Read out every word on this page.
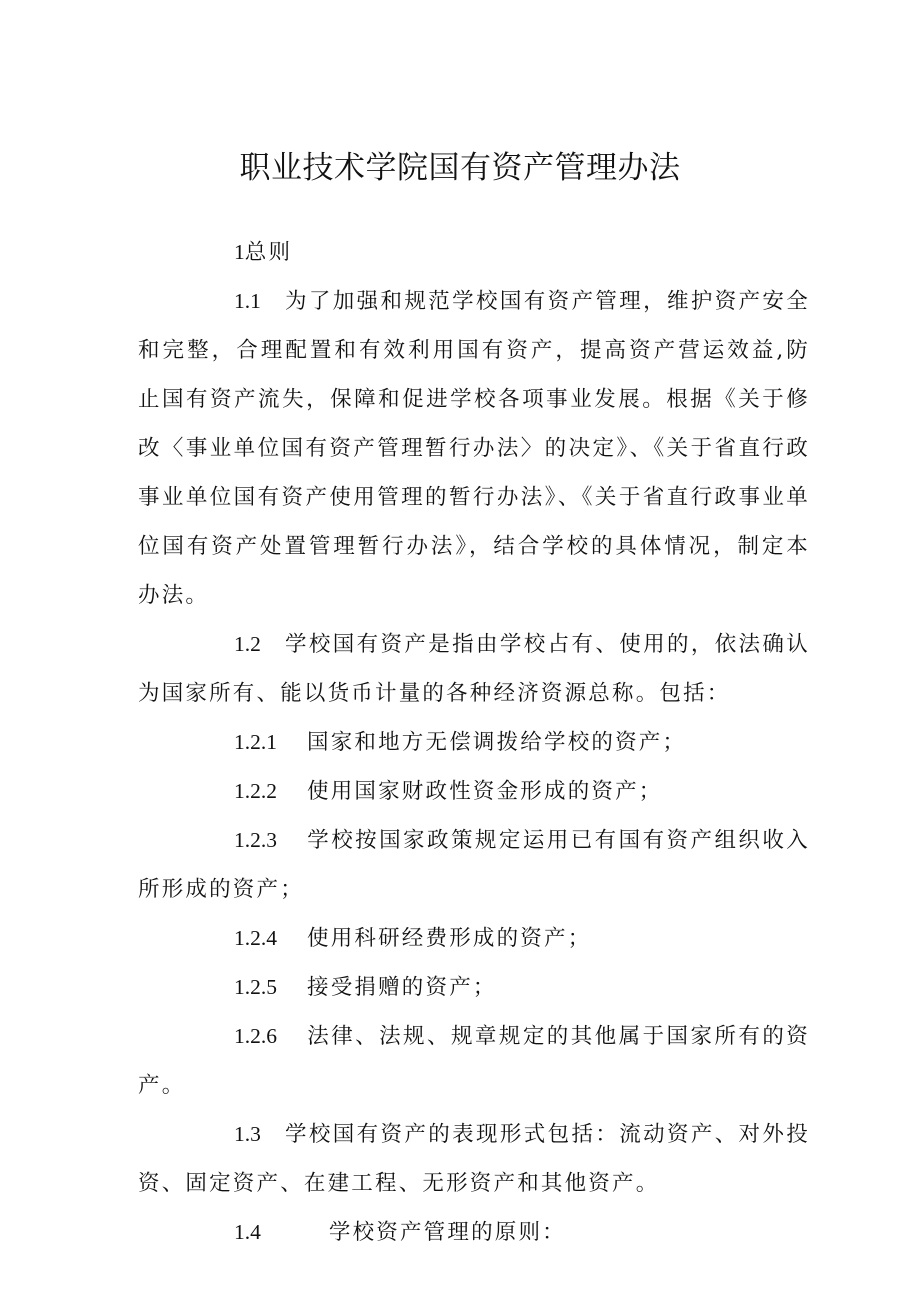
职业技术学院国有资产管理办法

1总则

1.1 为了加强和规范学校国有资产管理，维护资产安全和完整，合理配置和有效利用国有资产，提高资产营运效益,防止国有资产流失，保障和促进学校各项事业发展。根据《关于修改〈事业单位国有资产管理暂行办法〉的决定》、《关于省直行政事业单位国有资产使用管理的暂行办法》、《关于省直行政事业单位国有资产处置管理暂行办法》，结合学校的具体情况，制定本办法。

1.2 学校国有资产是指由学校占有、使用的，依法确认为国家所有、能以货币计量的各种经济资源总称。包括：

1.2.1 国家和地方无偿调拨给学校的资产；

1.2.2 使用国家财政性资金形成的资产；

1.2.3 学校按国家政策规定运用已有国有资产组织收入所形成的资产；

1.2.4 使用科研经费形成的资产；

1.2.5 接受捐赠的资产；

1.2.6 法律、法规、规章规定的其他属于国家所有的资产。

1.3 学校国有资产的表现形式包括：流动资产、对外投资、固定资产、在建工程、无形资产和其他资产。

1.4	学校资产管理的原则：
